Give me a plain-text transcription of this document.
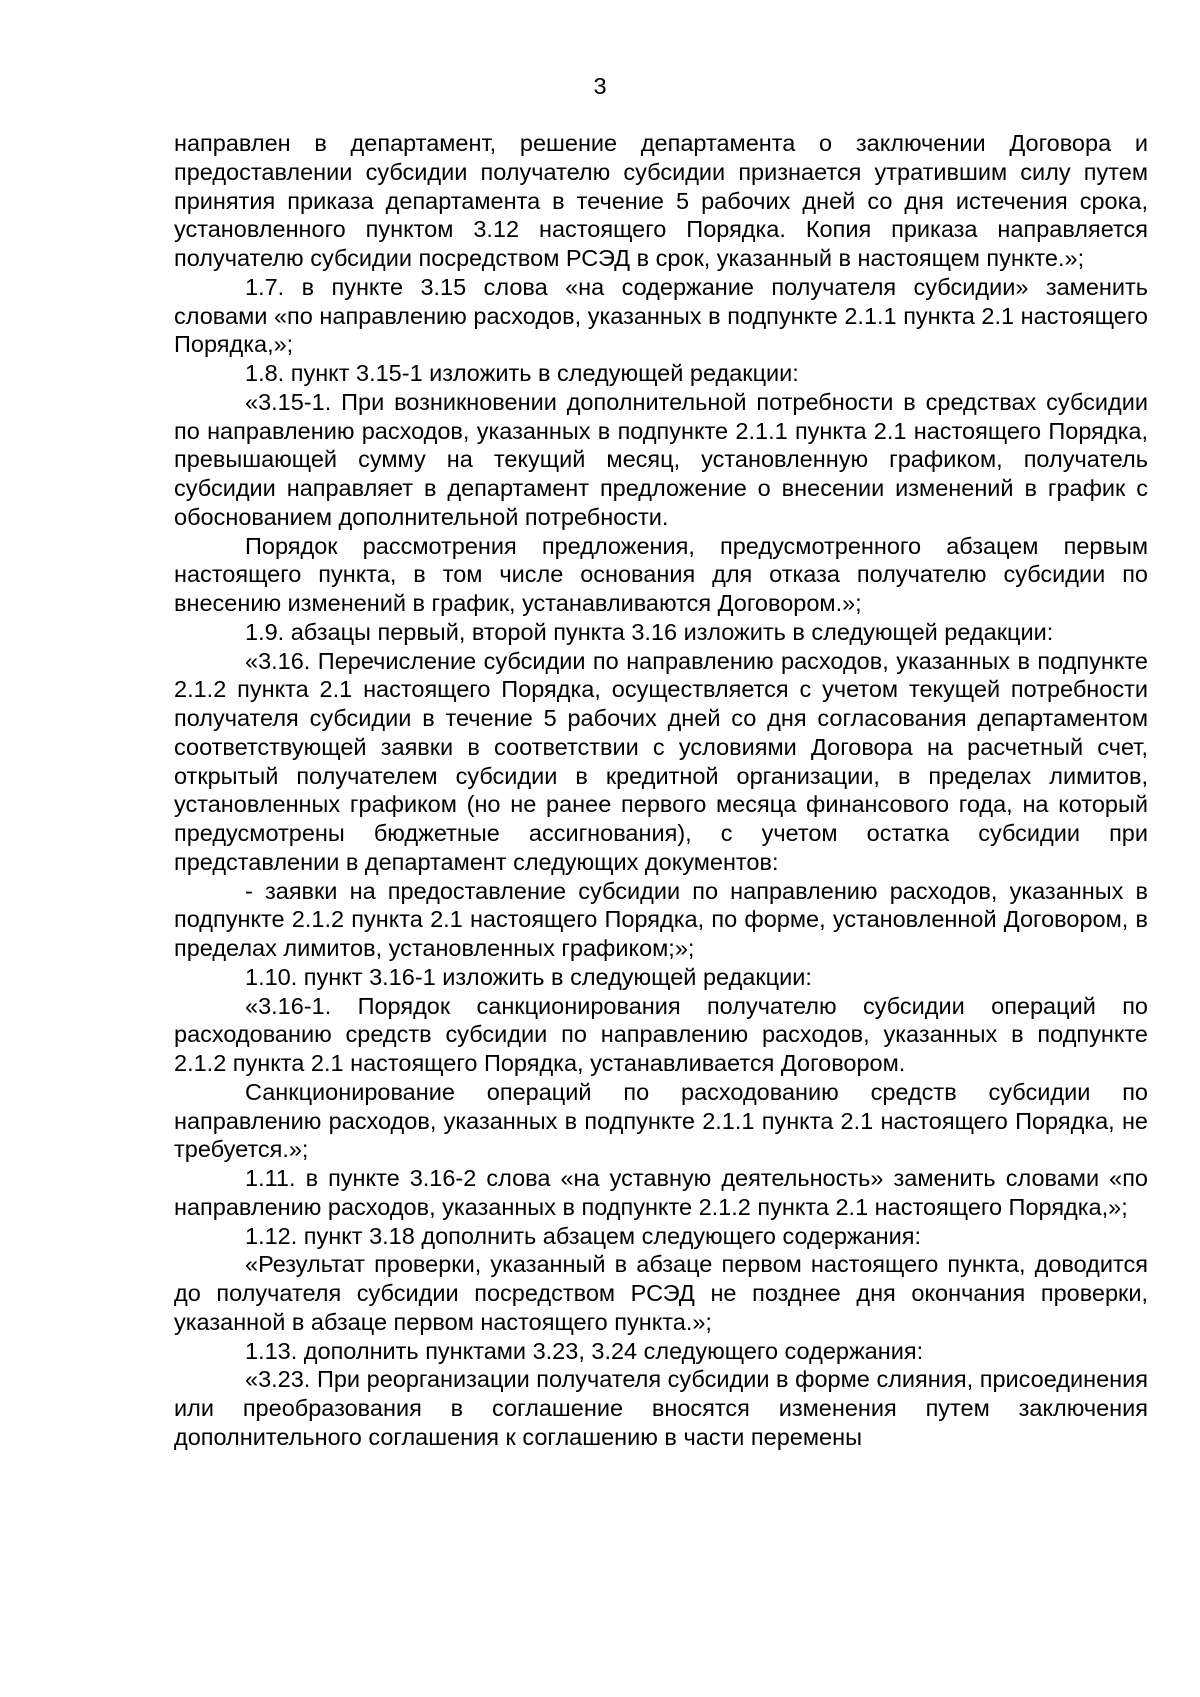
3

направлен в департамент, решение департамента о заключении Договора и предоставлении субсидии получателю субсидии признается утратившим силу путем принятия приказа департамента в течение 5 рабочих дней со дня истечения срока, установленного пунктом 3.12 настоящего Порядка. Копия приказа направляется получателю субсидии посредством РСЭД в срок, указанный в настоящем пункте.»;

1.7. в пункте 3.15 слова «на содержание получателя субсидии» заменить словами «по направлению расходов, указанных в подпункте 2.1.1 пункта 2.1 настоящего Порядка,»;

1.8. пункт 3.15-1 изложить в следующей редакции:

«3.15-1. При возникновении дополнительной потребности в средствах субсидии по направлению расходов, указанных в подпункте 2.1.1 пункта 2.1 настоящего Порядка, превышающей сумму на текущий месяц, установленную графиком, получатель субсидии направляет в департамент предложение о внесении изменений в график с обоснованием дополнительной потребности.

Порядок рассмотрения предложения, предусмотренного абзацем первым настоящего пункта, в том числе основания для отказа получателю субсидии по внесению изменений в график, устанавливаются Договором.»;

1.9. абзацы первый, второй пункта 3.16 изложить в следующей редакции:

«3.16. Перечисление субсидии по направлению расходов, указанных в подпункте 2.1.2 пункта 2.1 настоящего Порядка, осуществляется с учетом текущей потребности получателя субсидии в течение 5 рабочих дней со дня согласования департаментом соответствующей заявки в соответствии с условиями Договора на расчетный счет, открытый получателем субсидии в кредитной организации, в пределах лимитов, установленных графиком (но не ранее первого месяца финансового года, на который предусмотрены бюджетные ассигнования), с учетом остатка субсидии при представлении в департамент следующих документов:

- заявки на предоставление субсидии по направлению расходов, указанных в подпункте 2.1.2 пункта 2.1 настоящего Порядка, по форме, установленной Договором, в пределах лимитов, установленных графиком;»;

1.10. пункт 3.16-1 изложить в следующей редакции:

«3.16-1. Порядок санкционирования получателю субсидии операций по расходованию средств субсидии по направлению расходов, указанных в подпункте 2.1.2 пункта 2.1 настоящего Порядка, устанавливается Договором.

Санкционирование операций по расходованию средств субсидии по направлению расходов, указанных в подпункте 2.1.1 пункта 2.1 настоящего Порядка, не требуется.»;

1.11. в пункте 3.16-2 слова «на уставную деятельность» заменить словами «по направлению расходов, указанных в подпункте 2.1.2 пункта 2.1 настоящего Порядка,»;

1.12. пункт 3.18 дополнить абзацем следующего содержания:

«Результат проверки, указанный в абзаце первом настоящего пункта, доводится до получателя субсидии посредством РСЭД не позднее дня окончания проверки, указанной в абзаце первом настоящего пункта.»;

1.13. дополнить пунктами 3.23, 3.24 следующего содержания:

«3.23. При реорганизации получателя субсидии в форме слияния, присоединения или преобразования в соглашение вносятся изменения путем заключения дополнительного соглашения к соглашению в части перемены
